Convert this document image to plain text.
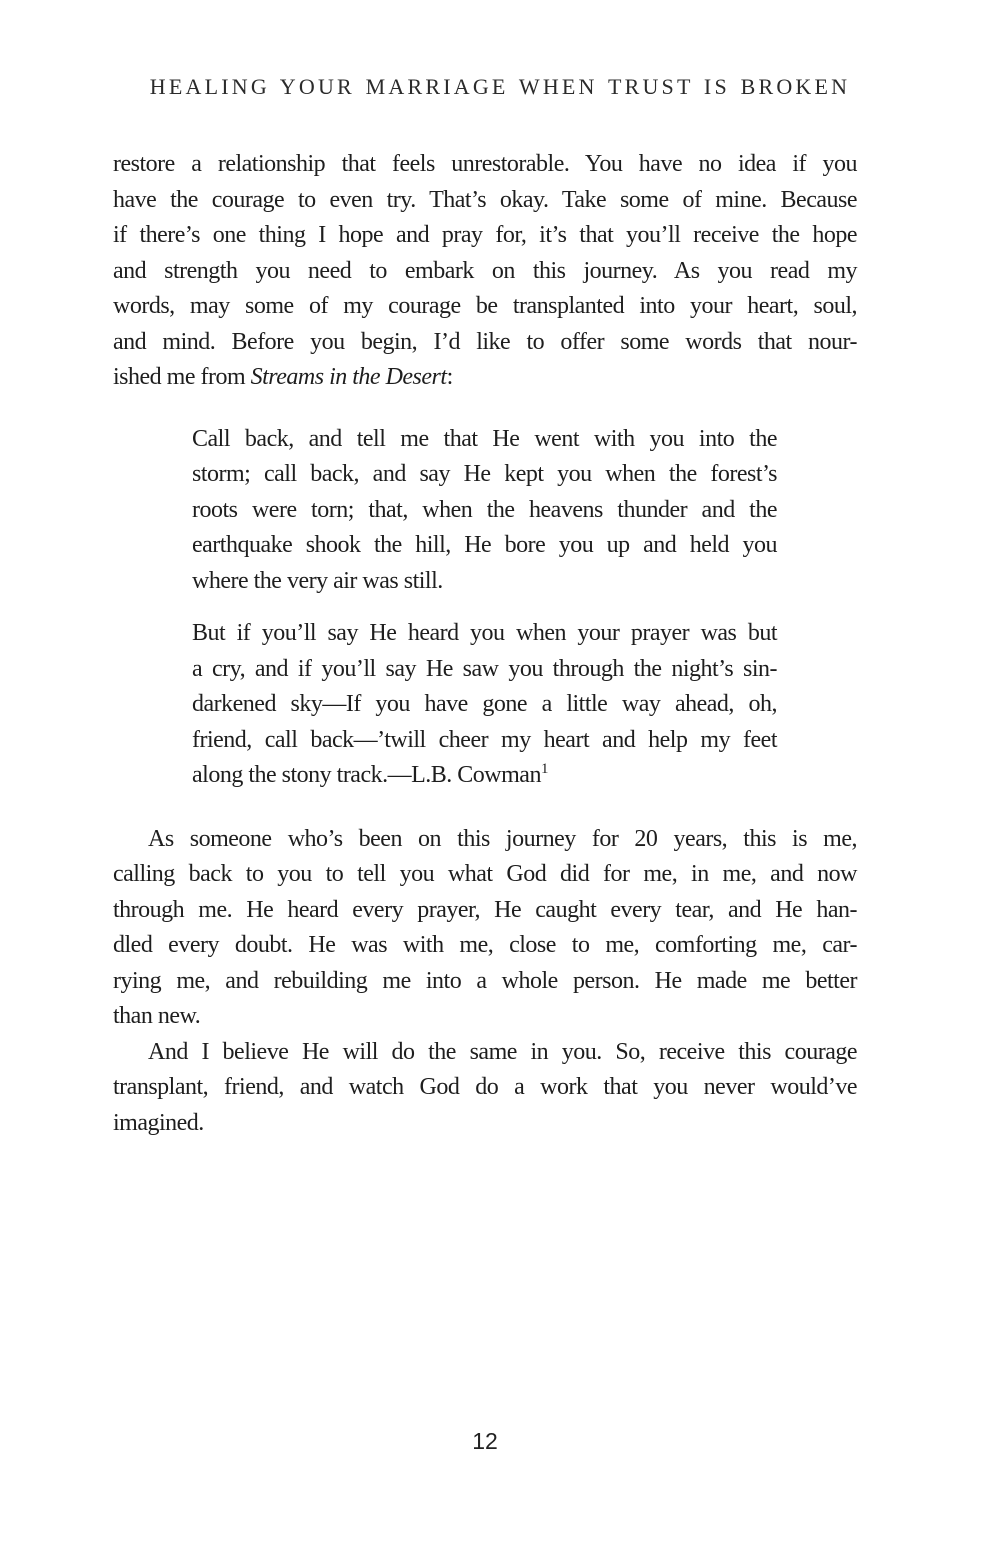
HEALING YOUR MARRIAGE WHEN TRUST IS BROKEN
restore a relationship that feels unrestorable. You have no idea if you
have the courage to even try. That’s okay. Take some of mine. Because
if there’s one thing I hope and pray for, it’s that you’ll receive the hope
and strength you need to embark on this journey. As you read my
words, may some of my courage be transplanted into your heart, soul,
and mind. Before you begin, I’d like to offer some words that nour-
ished me from Streams in the Desert:
Call back, and tell me that He went with you into the
storm; call back, and say He kept you when the forest’s
roots were torn; that, when the heavens thunder and the
earthquake shook the hill, He bore you up and held you
where the very air was still.
But if you’ll say He heard you when your prayer was but
a cry, and if you’ll say He saw you through the night’s sin-
darkened sky—If you have gone a little way ahead, oh,
friend, call back—’twill cheer my heart and help my feet
along the stony track.—L.B. Cowman$^1$
As someone who’s been on this journey for 20 years, this is me,
calling back to you to tell you what God did for me, in me, and now
through me. He heard every prayer, He caught every tear, and He han-
dled every doubt. He was with me, close to me, comforting me, car-
rying me, and rebuilding me into a whole person. He made me better
than new.
And I believe He will do the same in you. So, receive this courage
transplant, friend, and watch God do a work that you never would’ve
imagined.
12
